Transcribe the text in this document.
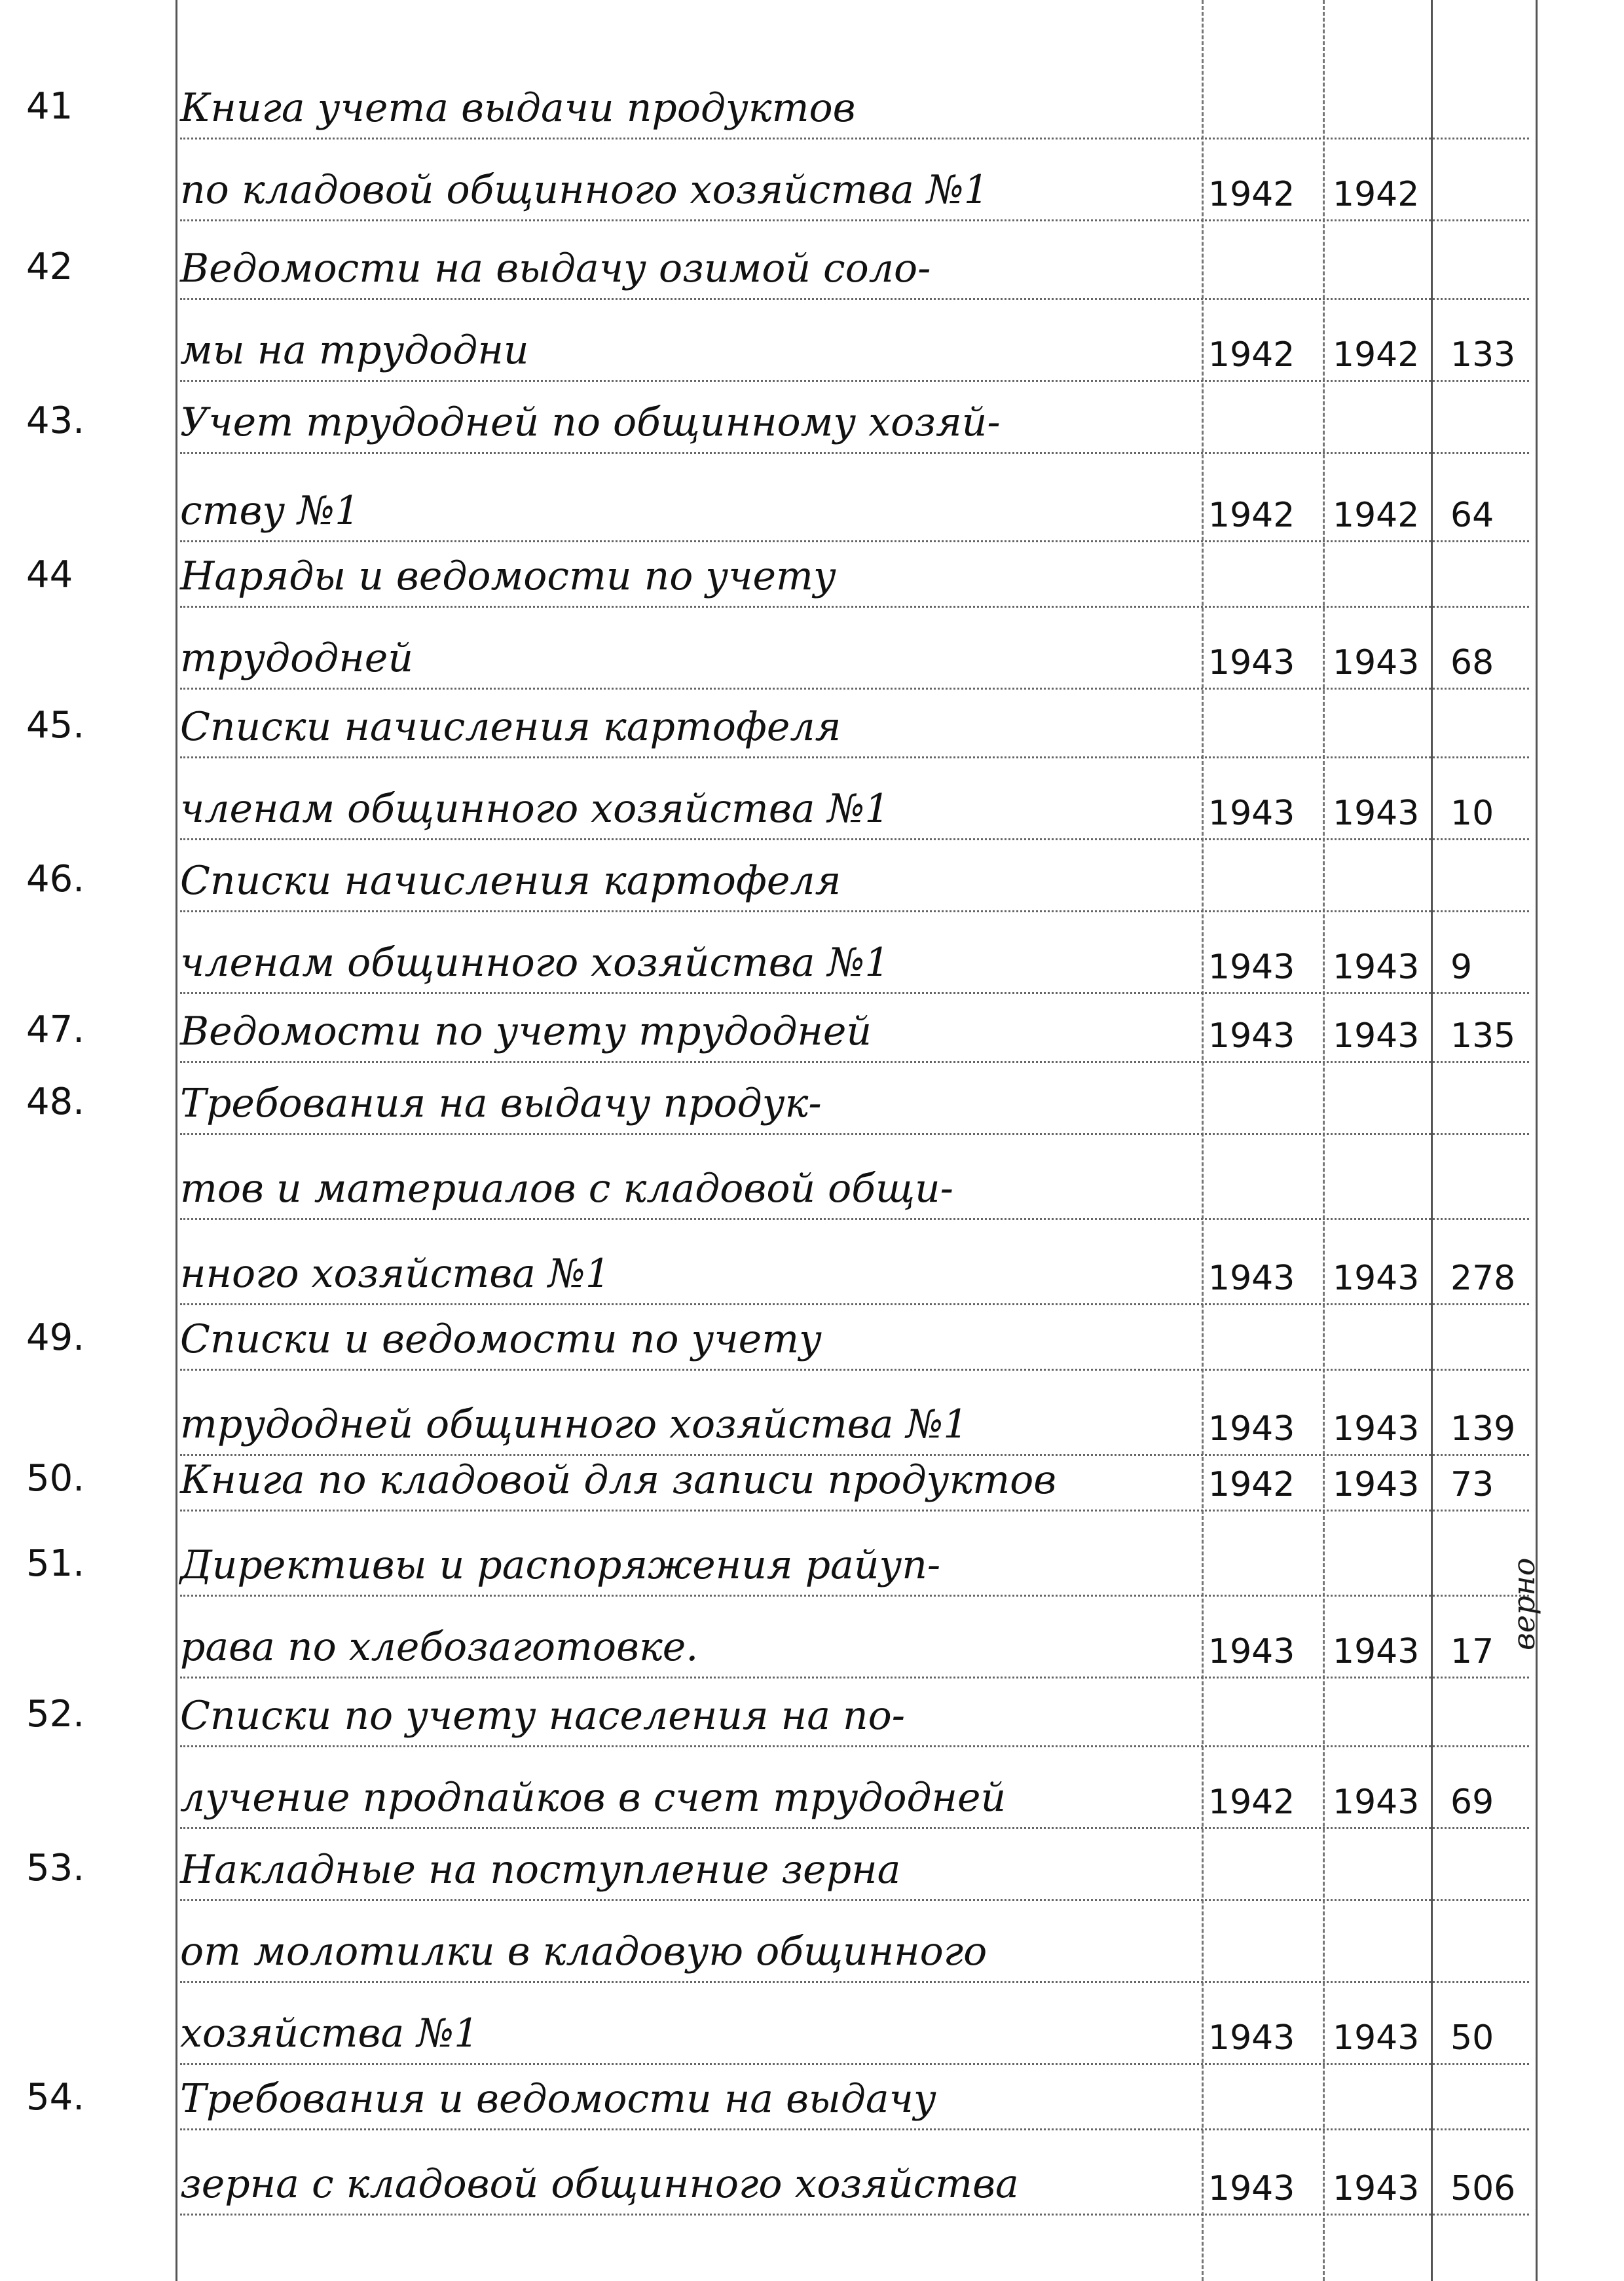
41	Книга учета выдачи продуктов
по кладовой общинного хозяйства №1	1942 1942
42	Ведомости на выдачу озимой соло-
мы на трудодни	1942 1942 133
43.	Учет трудодней по общинному хозяй-
ству №1	1942 1942 64
44	Наряды и ведомости по учету
трудодней	1943 1943 68
45.	Списки начисления картофеля
членам общинного хозяйства №1	1943 1943 10
46.	Списки начисления картофеля
членам общинного хозяйства №1	1943 1943 9
47.	Ведомости по учету трудодней	1943 1943 135
48.	Требования на выдачу продук-
тов и материалов с кладовой общи-
нного хозяйства №1	1943 1943 278
49.	Списки и ведомости по учету
трудодней общинного хозяйства №1	1943 1943 139
50.	Книга по кладовой для записи продуктов	1942 1943 73
51.	Директивы и распоряжения райуп-
рава по хлебозаготовке.	1943 1943 17
52.	Списки по учету населения на по-
лучение продпайков в счет трудодней	1942 1943 69
53.	Накладные на поступление зерна
от молотилки в кладовую общинного
хозяйства №1	1943 1943 50
54.	Требования и ведомости на выдачу
зерна с кладовой общинного хозяйства	1943 1943 506
верно
